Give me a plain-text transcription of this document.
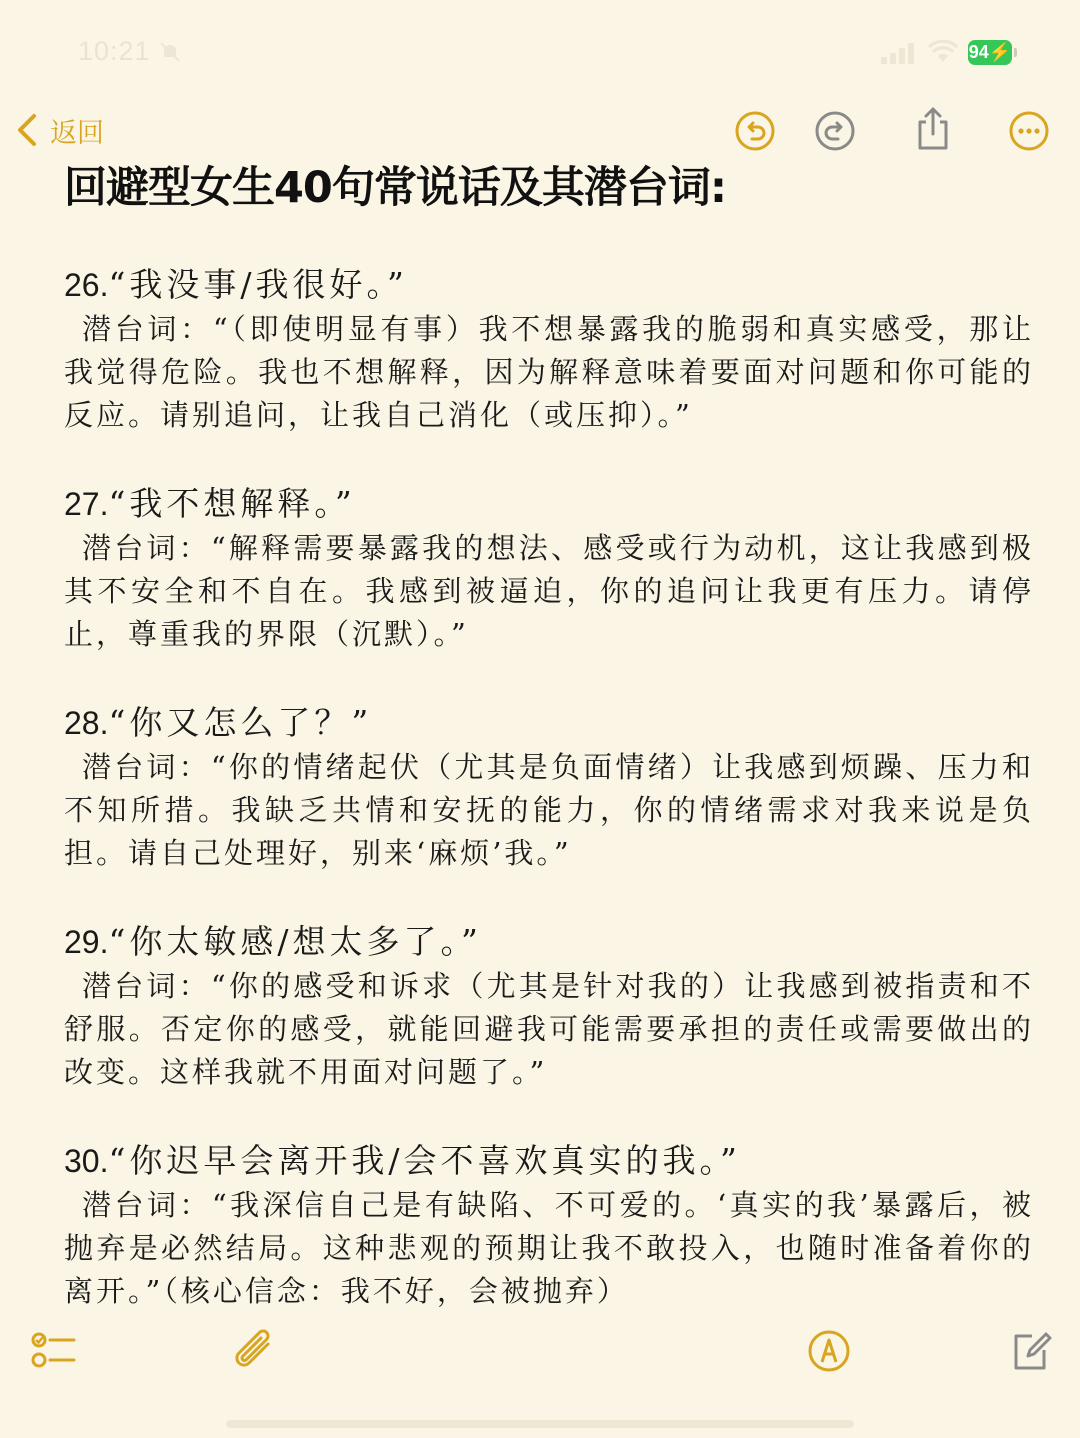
10:21	94⚡
返回
回避型女生40句常说话及其潜台词:
26.“我没事/我很好。”
潜台词：“（即使明显有事）我不想暴露我的脆弱和真实感受，那让我觉得危险。我也不想解释，因为解释意味着要面对问题和你可能的反应。请别追问，让我自己消化（或压抑）。”
27.“我不想解释。”
潜台词：“解释需要暴露我的想法、感受或行为动机，这让我感到极其不安全和不自在。我感到被逼迫，你的追问让我更有压力。请停止，尊重我的界限（沉默）。”
28.“你又怎么了？”
潜台词：“你的情绪起伏（尤其是负面情绪）让我感到烦躁、压力和不知所措。我缺乏共情和安抚的能力，你的情绪需求对我来说是负担。请自己处理好，别来‘麻烦’我。”
29.“你太敏感/想太多了。”
潜台词：“你的感受和诉求（尤其是针对我的）让我感到被指责和不舒服。否定你的感受，就能回避我可能需要承担的责任或需要做出的改变。这样我就不用面对问题了。”
30.“你迟早会离开我/会不喜欢真实的我。”
潜台词：“我深信自己是有缺陷、不可爱的。‘真实的我’暴露后，被抛弃是必然结局。这种悲观的预期让我不敢投入，也随时准备着你的离开。”（核心信念：我不好，会被抛弃）
